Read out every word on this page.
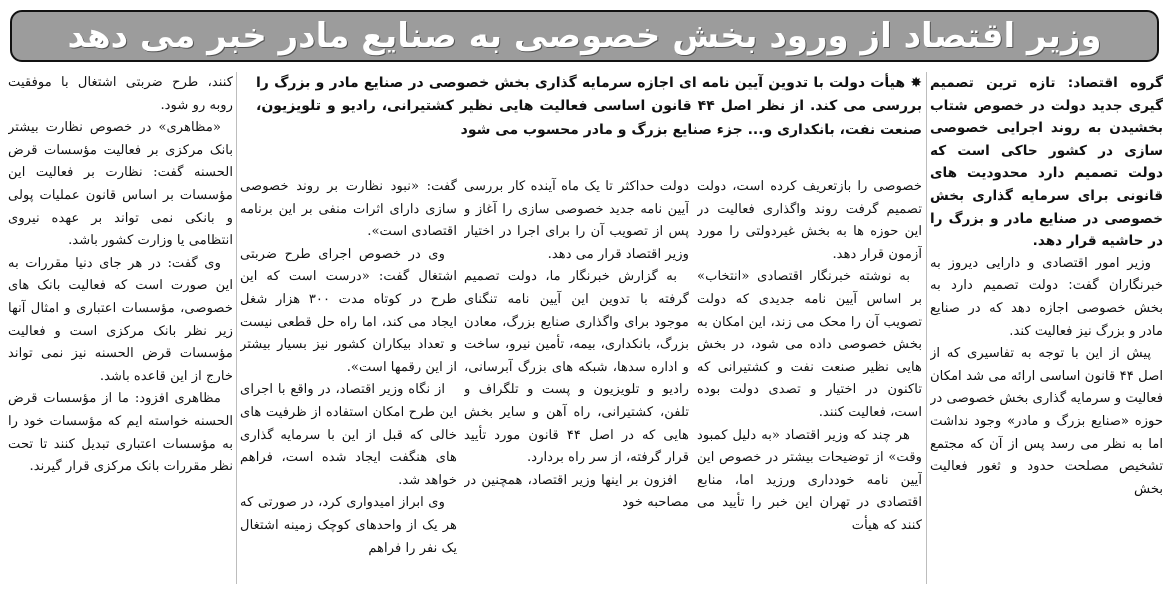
وزیر اقتصاد از ورود بخش خصوصی به صنایع مادر خبر می دهد

گروه اقتصاد: تازه ترین تصمیم گیری جدید دولت در خصوص شتاب بخشیدن به روند اجرایی خصوصی سازی در کشور حاکی است که دولت تصمیم دارد محدودیت های قانونی برای سرمایه گذاری بخش خصوصی در صنایع مادر و بزرگ را در حاشیه قرار دهد.

وزیر امور اقتصادی و دارایی دیروز به خبرنگاران گفت: دولت تصمیم دارد به بخش خصوصی اجازه دهد که در صنایع مادر و بزرگ نیز فعالیت کند.

پیش از این با توجه به تفاسیری که از اصل ۴۴ قانون اساسی ارائه می شد امکان فعالیت و سرمایه گذاری بخش خصوصی در حوزه «صنایع بزرگ و مادر» وجود نداشت اما به نظر می رسد پس از آن که مجتمع تشخیص مصلحت حدود و ثغور فعالیت بخش

✸ هیأت دولت با تدوین آیین نامه ای اجازه سرمایه گذاری بخش خصوصی در صنایع مادر و بزرگ را بررسی می کند. از نظر اصل ۴۴ قانون اساسی فعالیت هایی نظیر کشتیرانی، رادیو و تلویزیون، صنعت نفت، بانکداری و... جزء صنایع بزرگ و مادر محسوب می شود

خصوصی را بازتعریف کرده است، دولت تصمیم گرفت روند واگذاری فعالیت در این حوزه ها به بخش غیردولتی را مورد آزمون قرار دهد.

به نوشته خبرنگار اقتصادی «انتخاب» بر اساس آیین نامه جدیدی که دولت تصویب آن را محک می زند، این امکان به بخش خصوصی داده می شود، در بخش هایی نظیر صنعت نفت و کشتیرانی که تاکنون در اختیار و تصدی دولت بوده است، فعالیت کنند.

هر چند که وزیر اقتصاد «به دلیل کمبود وقت» از توضیحات بیشتر در خصوص این آیین نامه خودداری ورزید اما، منابع اقتصادی در تهران این خبر را تأیید می کنند که هیأت

دولت حداکثر تا یک ماه آینده کار بررسی آیین نامه جدید خصوصی سازی را آغاز و پس از تصویب آن را برای اجرا در اختیار وزیر اقتصاد قرار می دهد.

به گزارش خبرنگار ما، دولت تصمیم گرفته با تدوین این آیین نامه تنگنای موجود برای واگذاری صنایع بزرگ، معادن بزرگ، بانکداری، بیمه، تأمین نیرو، ساخت و اداره سدها، شبکه های بزرگ آبرسانی، رادیو و تلویزیون و پست و تلگراف و تلفن، کشتیرانی، راه آهن و سایر بخش هایی که در اصل ۴۴ قانون مورد تأیید قرار گرفته، از سر راه بردارد.

افزون بر اینها وزیر اقتصاد، همچنین در مصاحبه خود

گفت: «نبود نظارت بر روند خصوصی سازی دارای اثرات منفی بر این برنامه اقتصادی است».

وی در خصوص اجرای طرح ضربتی اشتغال گفت: «درست است که این طرح در کوتاه مدت ۳۰۰ هزار شغل ایجاد می کند، اما راه حل قطعی نیست و تعداد بیکاران کشور نیز بسیار بیشتر از این رقمها است».

از نگاه وزیر اقتصاد، در واقع با اجرای این طرح امکان استفاده از ظرفیت های خالی که قبل از این با سرمایه گذاری های هنگفت ایجاد شده است، فراهم خواهد شد.

وی ابراز امیدواری کرد، در صورتی که هر یک از واحدهای کوچک زمینه اشتغال یک نفر را فراهم

کنند، طرح ضربتی اشتغال با موفقیت روبه رو شود.

«مظاهری» در خصوص نظارت بیشتر بانک مرکزی بر فعالیت مؤسسات قرض الحسنه گفت: نظارت بر فعالیت این مؤسسات بر اساس قانون عملیات پولی و بانکی نمی تواند بر عهده نیروی انتظامی یا وزارت کشور باشد.

وی گفت: در هر جای دنیا مقررات به این صورت است که فعالیت بانک های خصوصی، مؤسسات اعتباری و امثال آنها زیر نظر بانک مرکزی است و فعالیت مؤسسات قرض الحسنه نیز نمی تواند خارج از این قاعده باشد.

مظاهری افزود: ما از مؤسسات قرض الحسنه خواسته ایم که مؤسسات خود را به مؤسسات اعتباری تبدیل کنند تا تحت نظر مقررات بانک مرکزی قرار گیرند.
